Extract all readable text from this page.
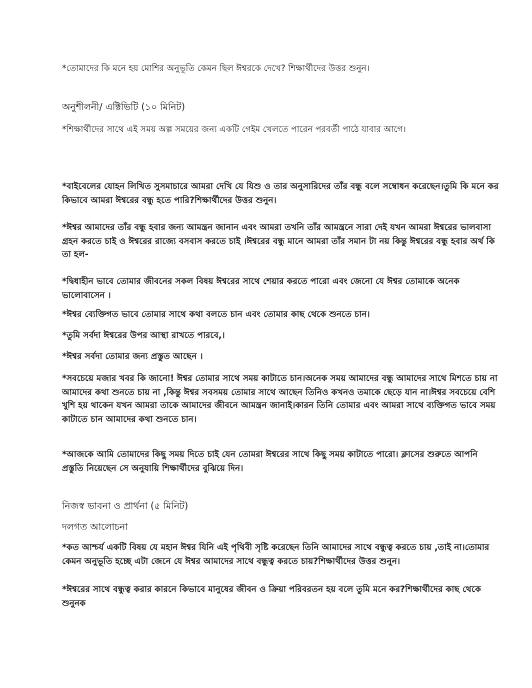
*তোমাদের কি মনে হয় মোশির অনুভূতি কেমন ছিল ঈশ্বরকে দেখে? শিক্ষার্থীদের উত্তর শুনুন।

অনুশীলনী/ এক্টিভিটি (১০ মিনিট)

*শিক্ষার্থীদের সাথে এই সময় অল্প সময়ের জন্য একটি গেইম খেলতে পারেন পরবর্তী পাঠে যাবার আগে।

*বাইবেলের যোহন লিখিত সুসমাচারে আমরা দেখি যে যিশু ও তার অনুসারিদের তাঁর বন্ধু বলে সম্বোধন করেছেন।তুমি কি মনে কর কিভাবে আমরা ঈশ্বরের বন্ধু হতে পারি?শিক্ষার্থীদের উত্তর শুনুন।

*ঈশ্বর আমাদের তাঁর বন্ধু হবার জন্য আমন্ত্রন জানান এবং আমরা তখনি তাঁর আমন্ত্রনে সারা দেই যখন আমরা ঈশ্বরের ভালবাসা গ্রহন করতে চাই ও ঈশ্বরের রাজ্যে বসবাস করতে চাই ।ঈশ্বরের বন্ধু মানে আমরা তাঁর সমান টা নয় কিন্তু ঈশ্বরের বন্ধু হবার অর্থ কি তা হল-

*দ্বিধাহীন ভাবে তোমার জীবনের সকল বিষয় ঈশ্বরের সাথে শেয়ার করতে পারো এবং জেনো যে ঈশ্বর তোমাকে অনেক ভালোবাসেন ।

*ঈশ্বর ব্যেক্তিগত ভাবে তোমার সাথে কথা বলতে চান এবং তোমার কাছ থেকে শুনতে চান।

*তুমি সর্বদা ঈশ্বরের উপর আস্থা রাখতে পারবে,।

*ঈশ্বর সর্বদা তোমার জন্য প্রস্তুত আছেন ।

*সবচেয়ে মজার খবর কি জানো! ঈশ্বর তোমার সাথে সময় কাটাতে চান।অনেক সময় আমাদের বন্ধু আমাদের সাথে মিশতে চায় না আমাদের কথা শুনতে চায় না ,কিন্তু ঈশ্বর সবসময় তোমার সাথে আছেন তিনিও কখনও তমাকে ছেড়ে যান না।ঈশ্বর সবচেয়ে বেশি খুশি হয় থাকেন যখন আমরা তাকে আমাদের জীবনে আমন্ত্রন জানাই।কারন তিনি তোমার এবং আমরা সাথে ব্যক্তিগত ভাবে সময় কাটাতে চান আমাদের কথা শুনতে চান।

*আজকে আমি তোমাদের কিছু সময় দিতে চাই যেন তোমরা ঈশ্বরের সাথে কিছু সময় কাটাতে পারো। ক্লাসের শুরুতে আপনি প্রস্তুতি নিয়েছেন সে অনুযায়ি শিক্ষার্থীদের বুঝিয়ে দিন।

নিজস্ব ভাবনা ও প্রার্থনা (৫ মিনিট)

দলগত আলোচনা

*কত আশ্চর্য একটি বিষয় যে মহান ঈশ্বর যিনি এই পৃথিবী সৃষ্টি করেছেন তিনি আমাদের সাথে বন্ধুত্ব করতে চায় ,তাই না।তোমার কেমন অনুভূতি হচ্ছে এটা জেনে যে ঈশ্বর আমাদের সাথে বন্ধুত্ব করতে চায়?শিক্ষার্থীদের উত্তর শুনুন।

*ঈশ্বরের সাথে বন্ধুত্ব করার কারনে কিভাবে মানুষের জীবন ও ক্রিয়া পরিবরতন হয় বলে তুমি মনে কর?শিক্ষার্থীদের কাছ থেকে শুনুনক
